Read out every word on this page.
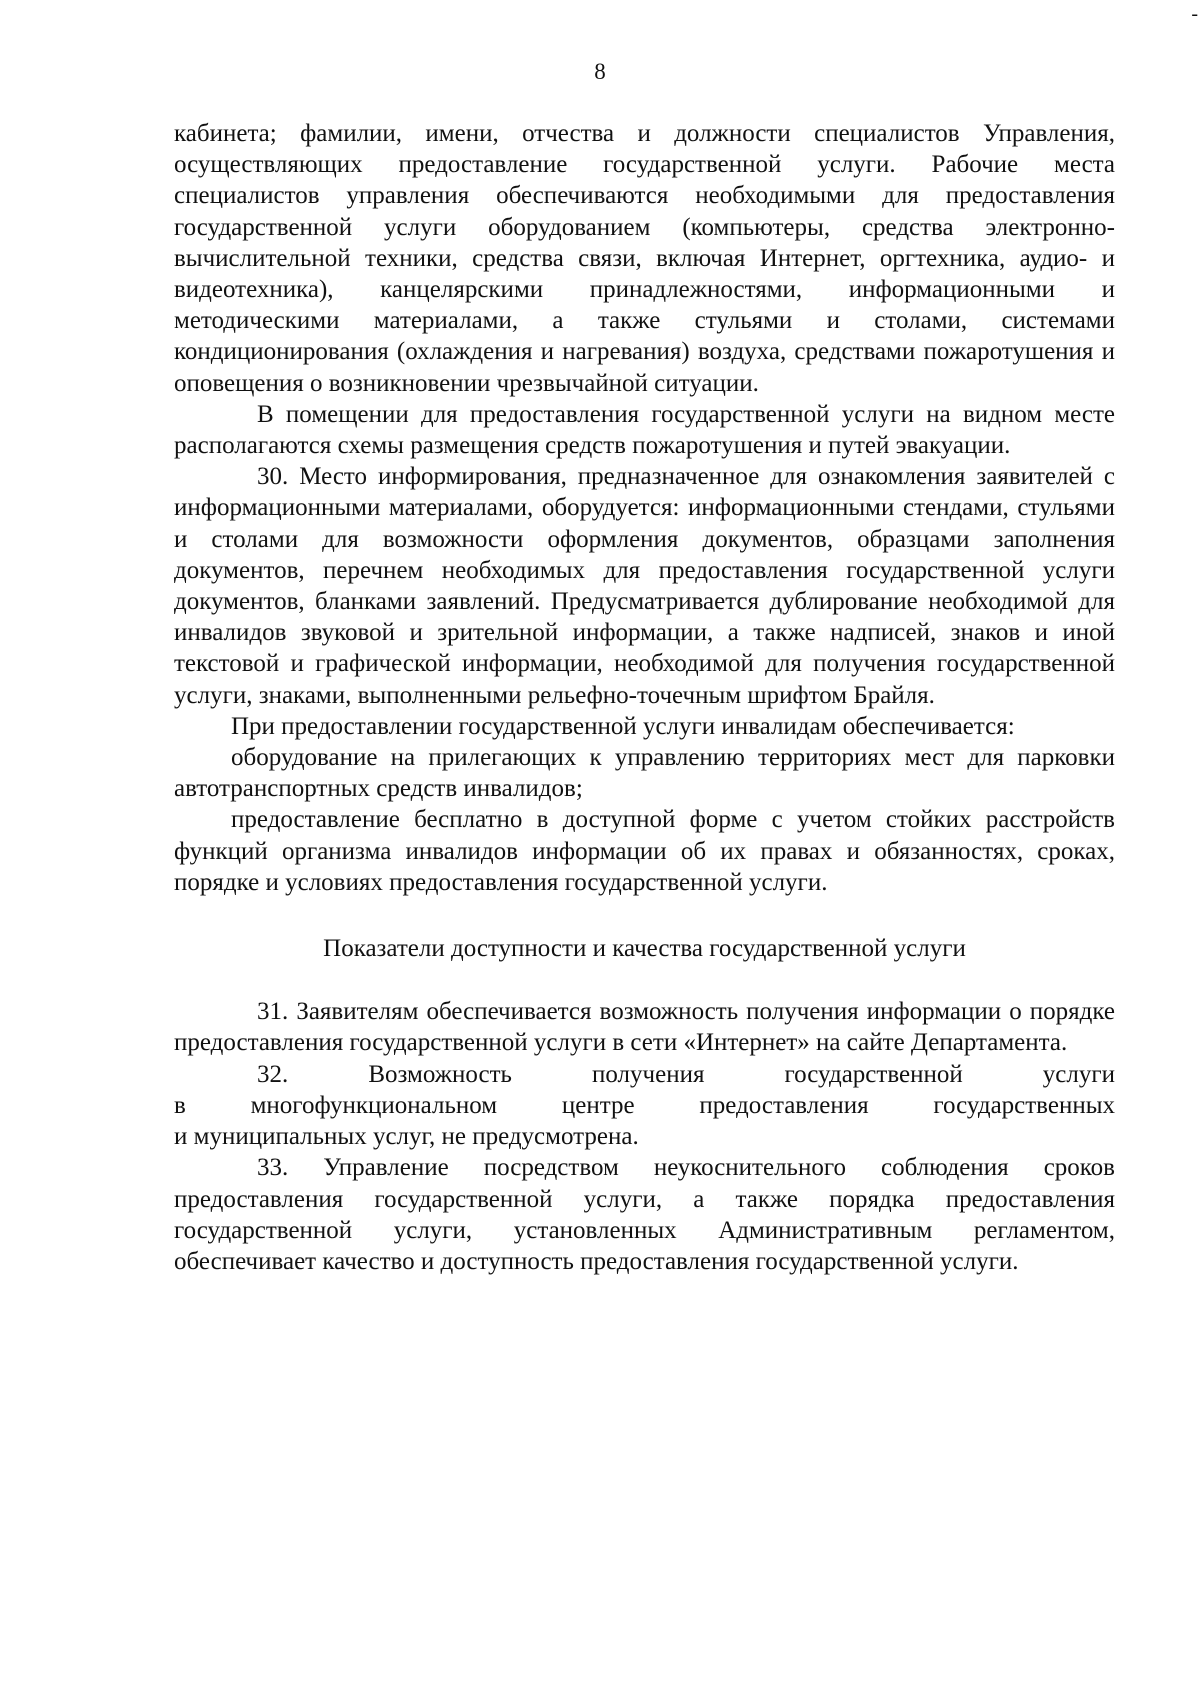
-
8

кабинета; фамилии, имени, отчества и должности специалистов Управления, осуществляющих предоставление государственной услуги. Рабочие места специалистов управления обеспечиваются необходимыми для предоставления государственной услуги оборудованием (компьютеры, средства электронно- вычислительной техники, средства связи, включая Интернет, оргтехника, аудио- и видеотехника), канцелярскими принадлежностями, информационными и методическими материалами, а также стульями и столами, системами кондиционирования (охлаждения и нагревания) воздуха, средствами пожаротушения и оповещения о возникновении чрезвычайной ситуации.

В помещении для предоставления государственной услуги на видном месте располагаются схемы размещения средств пожаротушения и путей эвакуации.

30. Место информирования, предназначенное для ознакомления заявителей с информационными материалами, оборудуется: информационными стендами, стульями и столами для возможности оформления документов, образцами заполнения документов, перечнем необходимых для предоставления государственной услуги документов, бланками заявлений. Предусматривается дублирование необходимой для инвалидов звуковой и зрительной информации, а также надписей, знаков и иной текстовой и графической информации, необходимой для получения государственной услуги, знаками, выполненными рельефно-точечным шрифтом Брайля.

При предоставлении государственной услуги инвалидам обеспечивается:

оборудование на прилегающих к управлению территориях мест для парковки автотранспортных средств инвалидов;

предоставление бесплатно в доступной форме с учетом стойких расстройств функций организма инвалидов информации об их правах и обязанностях, сроках, порядке и условиях предоставления государственной услуги.

Показатели доступности и качества государственной услуги

31. Заявителям обеспечивается возможность получения информации о порядке предоставления государственной услуги в сети «Интернет» на сайте Департамента.

32. Возможность получения государственной услуги

в многофункциональном центре предоставления государственных

и муниципальных услуг, не предусмотрена.

33. Управление посредством неукоснительного соблюдения сроков предоставления государственной услуги, а также порядка предоставления государственной услуги, установленных Административным регламентом, обеспечивает качество и доступность предоставления государственной услуги.
